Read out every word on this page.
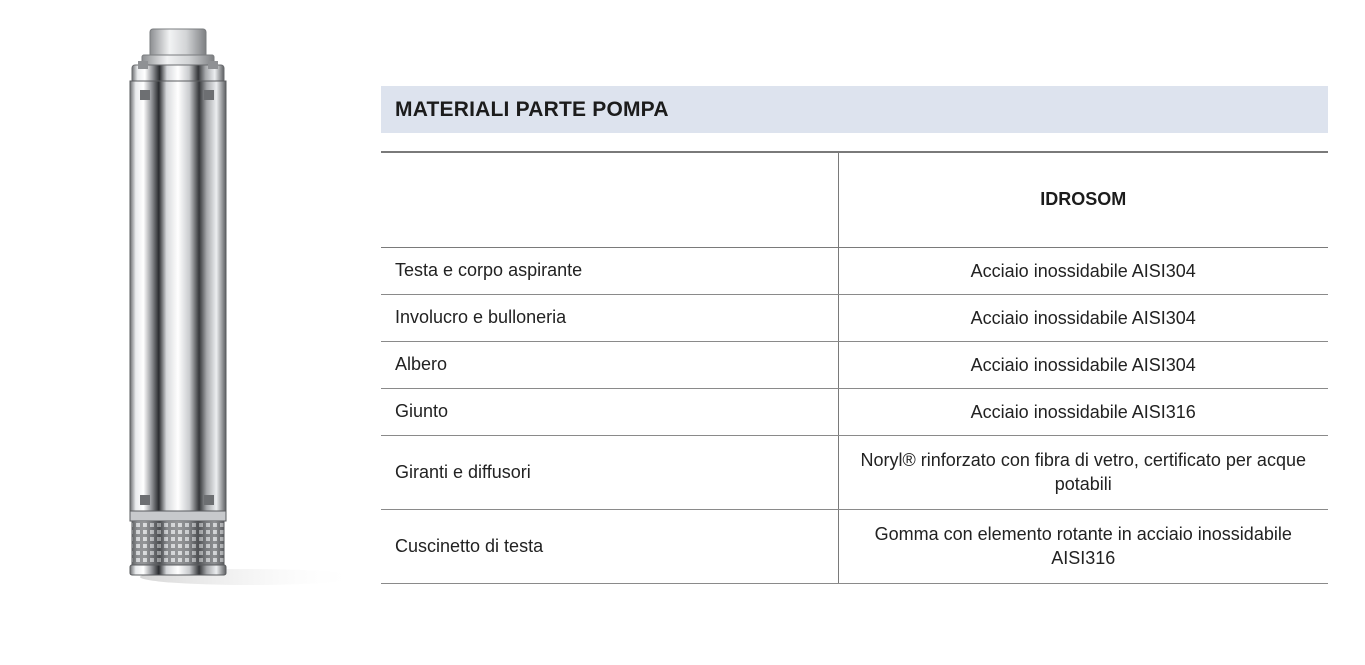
MATERIALI PARTE POMPA
	IDROSOM
Testa e corpo aspirante	Acciaio inossidabile AISI304
Involucro e bulloneria	Acciaio inossidabile AISI304
Albero	Acciaio inossidabile AISI304
Giunto	Acciaio inossidabile AISI316
Giranti e diffusori	Noryl® rinforzato con fibra di vetro, certificato per acque potabili
Cuscinetto di testa	Gomma con elemento rotante in acciaio inossidabile AISI316
